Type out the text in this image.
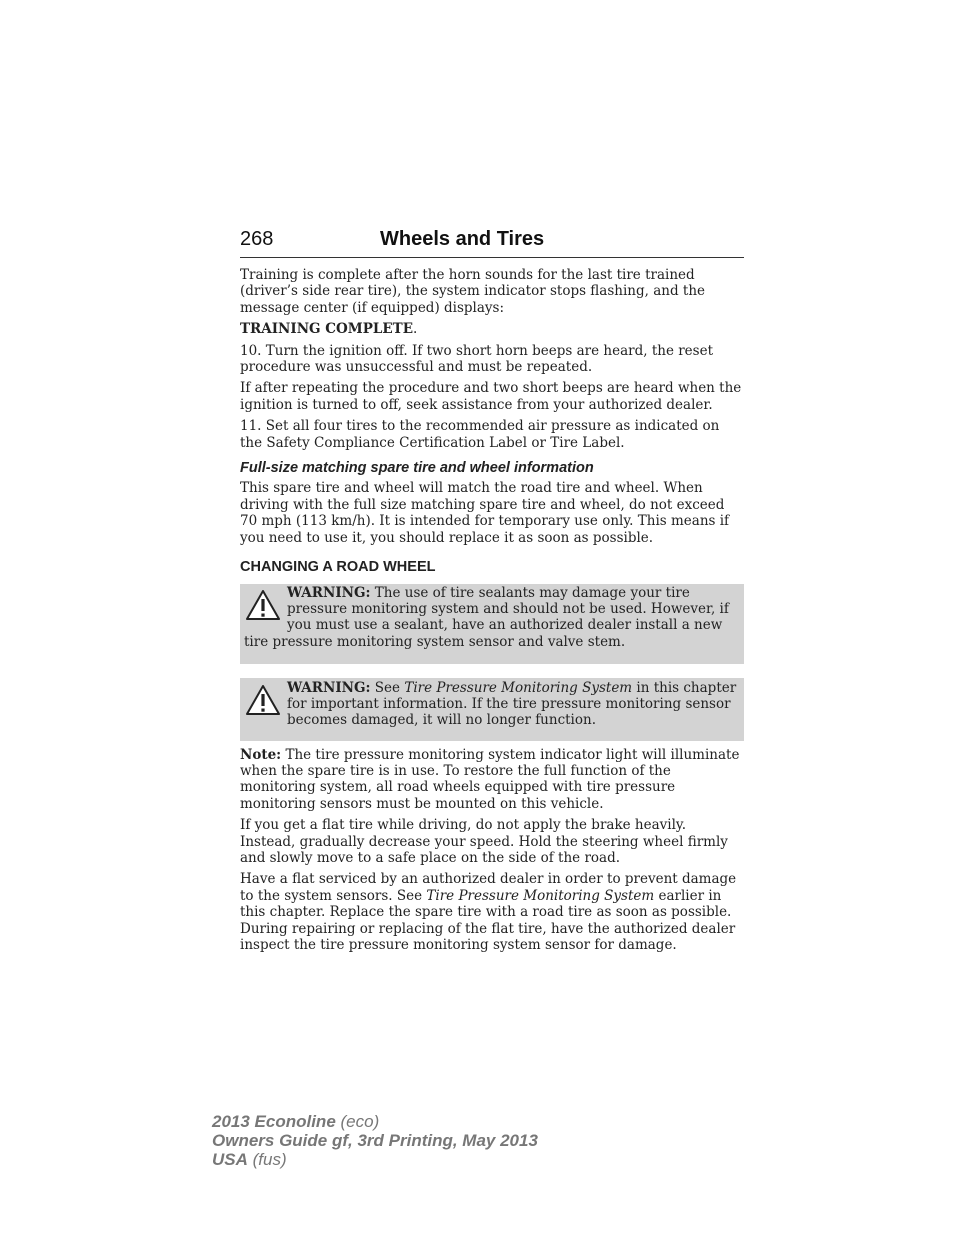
268	Wheels and Tires

Training is complete after the horn sounds for the last tire trained (driver’s side rear tire), the system indicator stops flashing, and the message center (if equipped) displays:

TRAINING COMPLETE.

10. Turn the ignition off. If two short horn beeps are heard, the reset procedure was unsuccessful and must be repeated.

If after repeating the procedure and two short beeps are heard when the ignition is turned to off, seek assistance from your authorized dealer.

11. Set all four tires to the recommended air pressure as indicated on the Safety Compliance Certification Label or Tire Label.

Full-size matching spare tire and wheel information

This spare tire and wheel will match the road tire and wheel. When driving with the full size matching spare tire and wheel, do not exceed 70 mph (113 km/h). It is intended for temporary use only. This means if you need to use it, you should replace it as soon as possible.

CHANGING A ROAD WHEEL
WARNING: The use of tire sealants may damage your tire pressure monitoring system and should not be used. However, if you must use a sealant, have an authorized dealer install a new tire pressure monitoring system sensor and valve stem.
WARNING: See Tire Pressure Monitoring System in this chapter for important information. If the tire pressure monitoring sensor becomes damaged, it will no longer function.

Note: The tire pressure monitoring system indicator light will illuminate when the spare tire is in use. To restore the full function of the monitoring system, all road wheels equipped with tire pressure monitoring sensors must be mounted on this vehicle.

If you get a flat tire while driving, do not apply the brake heavily. Instead, gradually decrease your speed. Hold the steering wheel firmly and slowly move to a safe place on the side of the road.

Have a flat serviced by an authorized dealer in order to prevent damage to the system sensors. See Tire Pressure Monitoring System earlier in this chapter. Replace the spare tire with a road tire as soon as possible. During repairing or replacing of the flat tire, have the authorized dealer inspect the tire pressure monitoring system sensor for damage.

2013 Econoline (eco)
Owners Guide gf, 3rd Printing, May 2013
USA (fus)
